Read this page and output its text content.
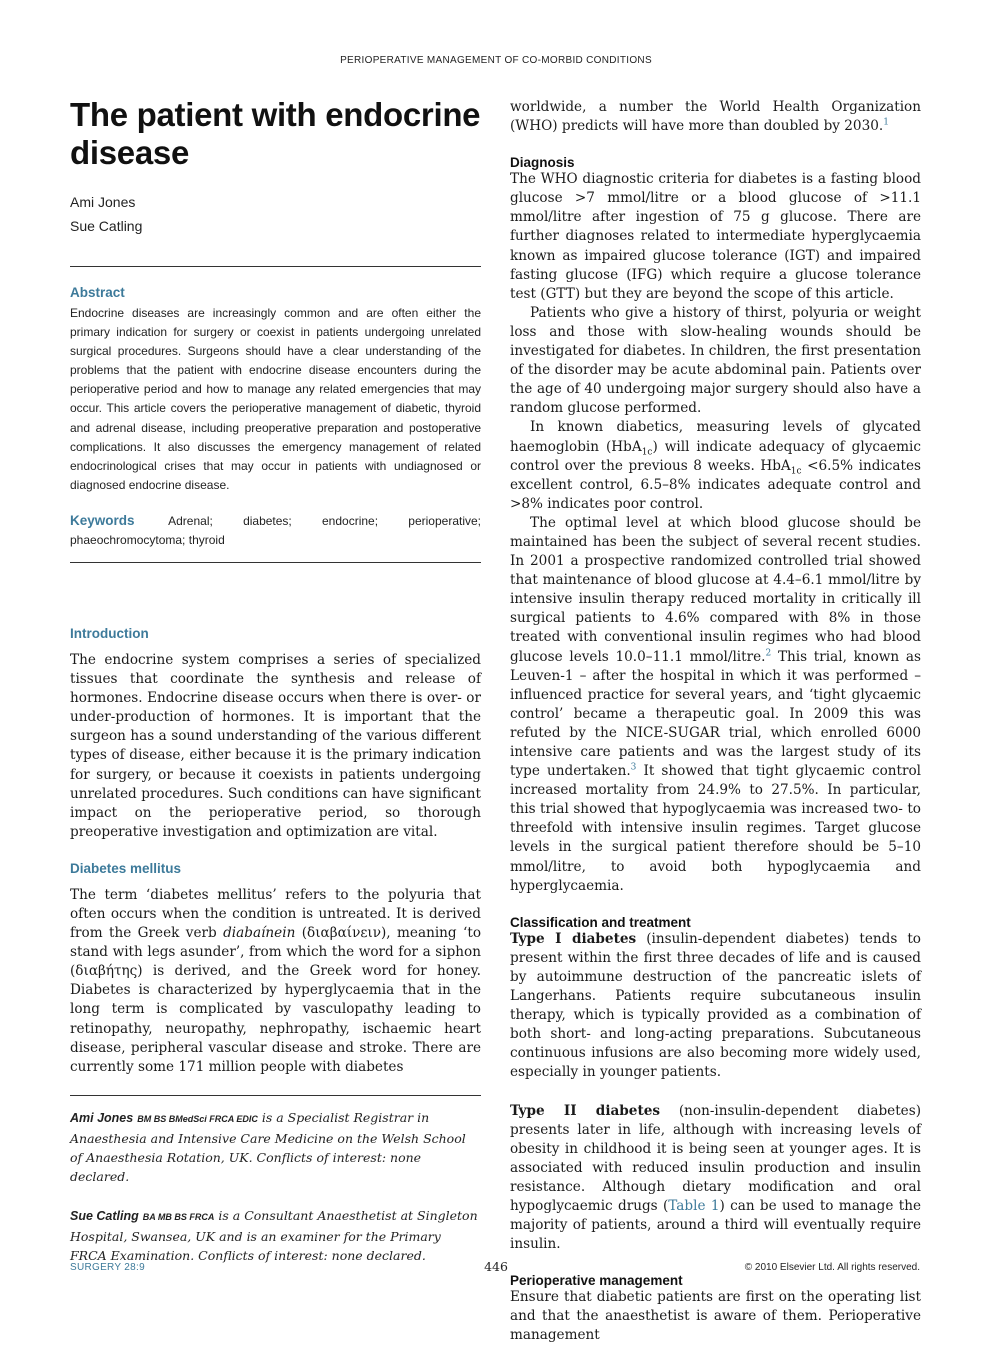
PERIOPERATIVE MANAGEMENT OF CO-MORBID CONDITIONS
The patient with endocrine disease
Ami Jones
Sue Catling
Abstract
Endocrine diseases are increasingly common and are often either the primary indication for surgery or coexist in patients undergoing unrelated surgical procedures. Surgeons should have a clear understanding of the problems that the patient with endocrine disease encounters during the perioperative period and how to manage any related emergencies that may occur. This article covers the perioperative management of diabetic, thyroid and adrenal disease, including preoperative preparation and postoperative complications. It also discusses the emergency management of related endocrinological crises that may occur in patients with undiagnosed or diagnosed endocrine disease.
Keywords	Adrenal; diabetes; endocrine; perioperative; phaeochromocytoma; thyroid
Introduction

The endocrine system comprises a series of specialized tissues that coordinate the synthesis and release of hormones. Endocrine disease occurs when there is over- or under-production of hormones. It is important that the surgeon has a sound understanding of the various different types of disease, either because it is the primary indication for surgery, or because it coexists in patients undergoing unrelated procedures. Such conditions can have significant impact on the perioperative period, so thorough preoperative investigation and optimization are vital.

Diabetes mellitus

The term ‘diabetes mellitus’ refers to the polyuria that often occurs when the condition is untreated. It is derived from the Greek verb diabaínein (διαβαίνειν), meaning ‘to stand with legs asunder’, from which the word for a siphon (διαβήτης) is derived, and the Greek word for honey. Diabetes is characterized by hyperglycaemia that in the long term is complicated by vasculopathy leading to retinopathy, neuropathy, nephropathy, ischaemic heart disease, peripheral vascular disease and stroke. There are currently some 171 million people with diabetes

Ami Jones BM BS BMedSci FRCA EDIC is a Specialist Registrar in Anaesthesia and Intensive Care Medicine on the Welsh School of Anaesthesia Rotation, UK. Conflicts of interest: none declared.
Sue Catling BA MB BS FRCA is a Consultant Anaesthetist at Singleton Hospital, Swansea, UK and is an examiner for the Primary FRCA Examination. Conflicts of interest: none declared.

worldwide, a number the World Health Organization (WHO) predicts will have more than doubled by 2030.$^1$

Diagnosis

The WHO diagnostic criteria for diabetes is a fasting blood glucose >7 mmol/litre or a blood glucose of >11.1 mmol/litre after ingestion of 75 g glucose. There are further diagnoses related to intermediate hyperglycaemia known as impaired glucose tolerance (IGT) and impaired fasting glucose (IFG) which require a glucose tolerance test (GTT) but they are beyond the scope of this article.

Patients who give a history of thirst, polyuria or weight loss and those with slow-healing wounds should be investigated for diabetes. In children, the first presentation of the disorder may be acute abdominal pain. Patients over the age of 40 undergoing major surgery should also have a random glucose performed.

In known diabetics, measuring levels of glycated haemoglobin (HbA$_{1c}$) will indicate adequacy of glycaemic control over the previous 8 weeks. HbA$_{1c}$ <6.5% indicates excellent control, 6.5–8% indicates adequate control and >8% indicates poor control.

The optimal level at which blood glucose should be maintained has been the subject of several recent studies. In 2001 a prospective randomized controlled trial showed that maintenance of blood glucose at 4.4–6.1 mmol/litre by intensive insulin therapy reduced mortality in critically ill surgical patients to 4.6% compared with 8% in those treated with conventional insulin regimes who had blood glucose levels 10.0–11.1 mmol/litre.$^2$ This trial, known as Leuven-1 – after the hospital in which it was performed – influenced practice for several years, and ‘tight glycaemic control’ became a therapeutic goal. In 2009 this was refuted by the NICE-SUGAR trial, which enrolled 6000 intensive care patients and was the largest study of its type undertaken.$^3$ It showed that tight glycaemic control increased mortality from 24.9% to 27.5%. In particular, this trial showed that hypoglycaemia was increased two- to threefold with intensive insulin regimes. Target glucose levels in the surgical patient therefore should be 5–10 mmol/litre, to avoid both hypoglycaemia and hyperglycaemia.

Classification and treatment

Type I diabetes (insulin-dependent diabetes) tends to present within the first three decades of life and is caused by autoimmune destruction of the pancreatic islets of Langerhans. Patients require subcutaneous insulin therapy, which is typically provided as a combination of both short- and long-acting preparations. Subcutaneous continuous infusions are also becoming more widely used, especially in younger patients.

Type II diabetes (non-insulin-dependent diabetes) presents later in life, although with increasing levels of obesity in childhood it is being seen at younger ages. It is associated with reduced insulin production and insulin resistance. Although dietary modification and oral hypoglycaemic drugs (Table 1) can be used to manage the majority of patients, around a third will eventually require insulin.

Perioperative management

Ensure that diabetic patients are first on the operating list and that the anaesthetist is aware of them. Perioperative management

SURGERY 28:9	446	© 2010 Elsevier Ltd. All rights reserved.
